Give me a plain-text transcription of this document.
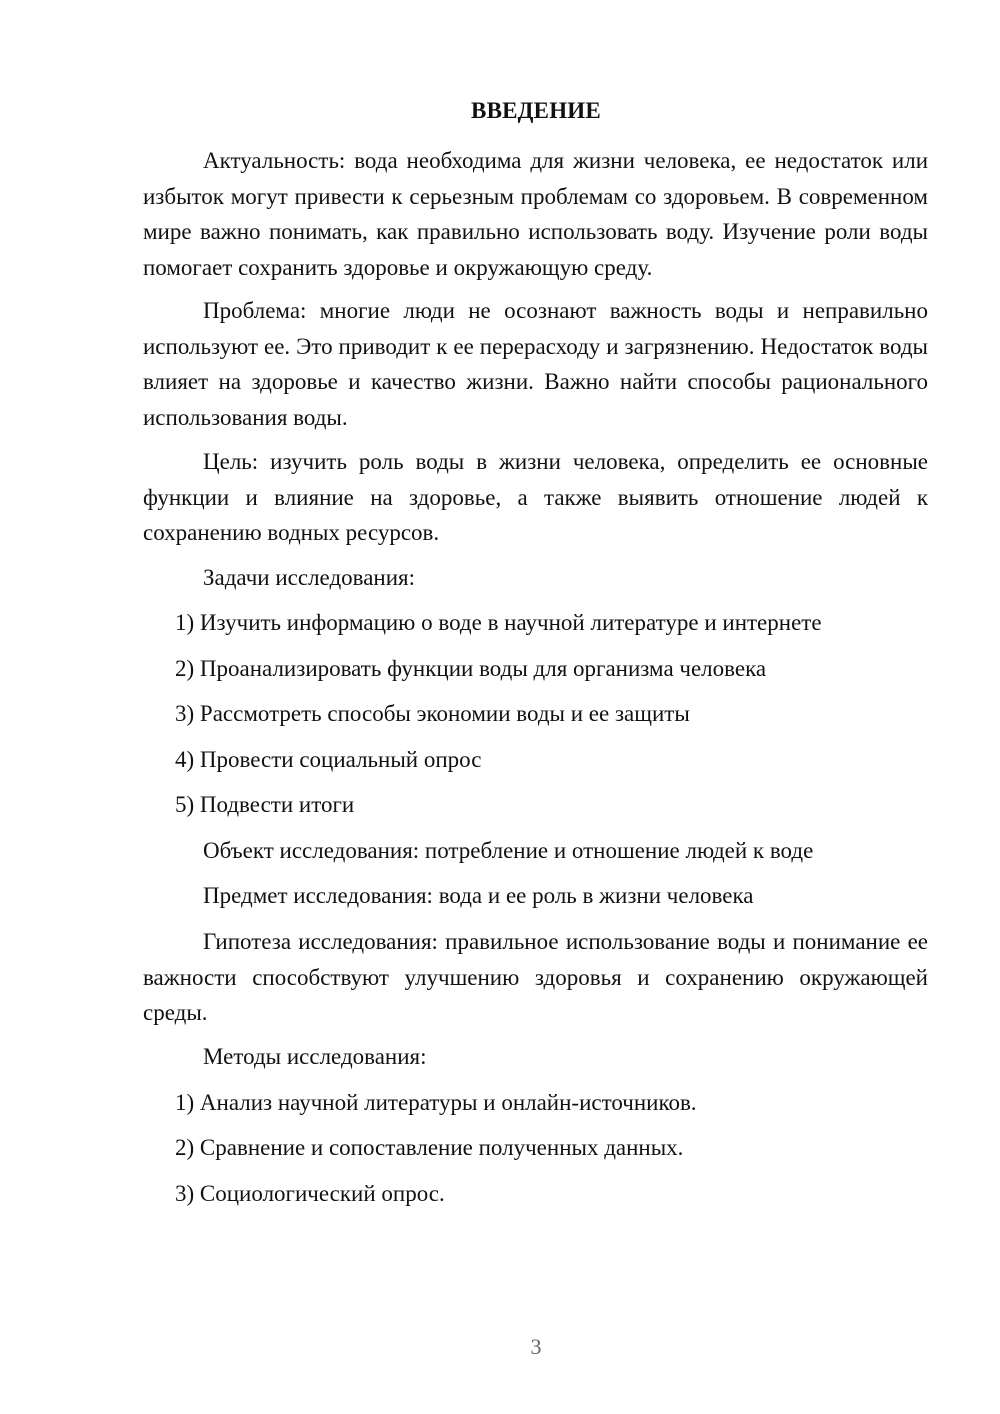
ВВЕДЕНИЕ

Актуальность: вода необходима для жизни человека, ее недостаток или избыток могут привести к серьезным проблемам со здоровьем. В современном мире важно понимать, как правильно использовать воду. Изучение роли воды помогает сохранить здоровье и окружающую среду.

Проблема: многие люди не осознают важность воды и неправильно используют ее. Это приводит к ее перерасходу и загрязнению. Недостаток воды влияет на здоровье и качество жизни. Важно найти способы рационального использования воды.

Цель: изучить роль воды в жизни человека, определить ее основные функции и влияние на здоровье, а также выявить отношение людей к сохранению водных ресурсов.

Задачи исследования:

1) Изучить информацию о воде в научной литературе и интернете

2) Проанализировать функции воды для организма человека

3) Рассмотреть способы экономии воды и ее защиты

4) Провести социальный опрос

5) Подвести итоги

Объект исследования: потребление и отношение людей к воде

Предмет исследования: вода и ее роль в жизни человека

Гипотеза исследования: правильное использование воды и понимание ее важности способствуют улучшению здоровья и сохранению окружающей среды.

Методы исследования:

1) Анализ научной литературы и онлайн-источников.

2) Сравнение и сопоставление полученных данных.

3) Социологический опрос.

3
